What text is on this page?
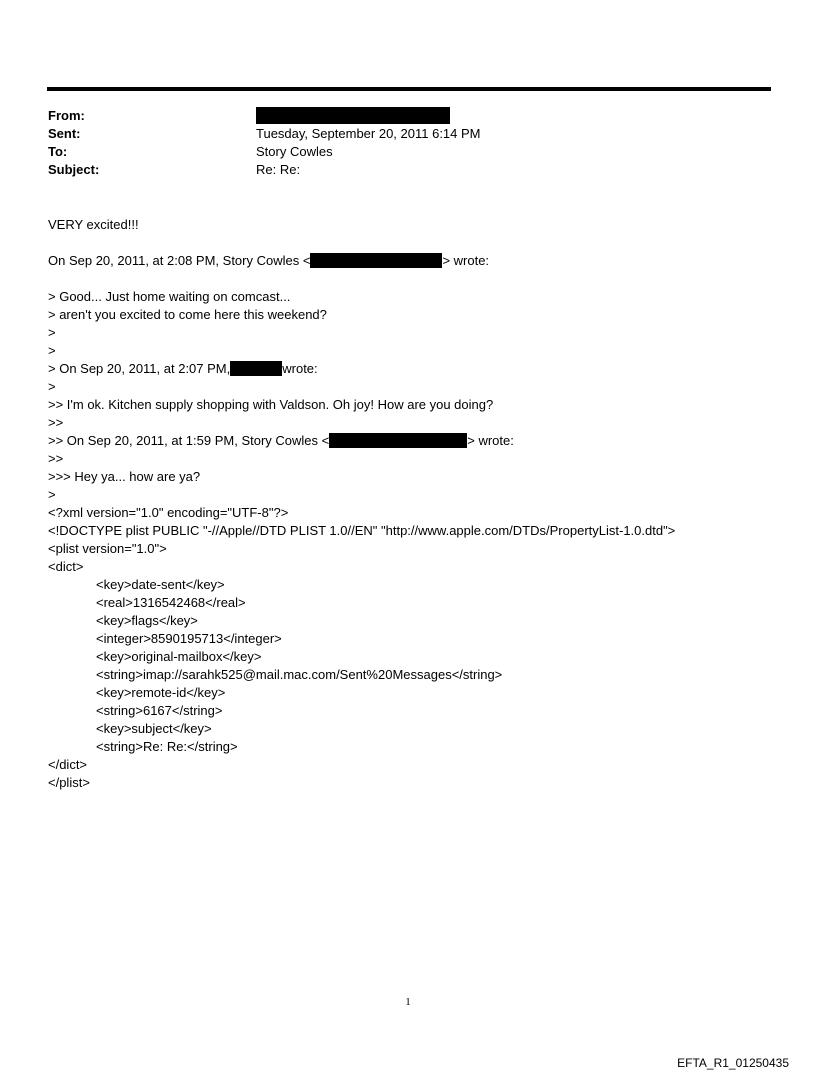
From:
Sent:	Tuesday, September 20, 2011 6:14 PM
To:	Story Cowles
Subject:	Re: Re:
VERY excited!!!
On Sep 20, 2011, at 2:08 PM, Story Cowles <	> wrote:
> Good... Just home waiting on comcast...
> aren't you excited to come here this weekend?
>
>
> On Sep 20, 2011, at 2:07 PM,	wrote:
>
>> I'm ok. Kitchen supply shopping with Valdson. Oh joy! How are you doing?
>>
>> On Sep 20, 2011, at 1:59 PM, Story Cowles <	> wrote:
>>
>>> Hey ya... how are ya?
>
<?xml version="1.0" encoding="UTF-8"?>
<!DOCTYPE plist PUBLIC "-//Apple//DTD PLIST 1.0//EN" "http://www.apple.com/DTDs/PropertyList-1.0.dtd">
<plist version="1.0">
<dict>
<key>date-sent</key>
<real>1316542468</real>
<key>flags</key>
<integer>8590195713</integer>
<key>original-mailbox</key>
<string>imap://sarahk525@mail.mac.com/Sent%20Messages</string>
<key>remote-id</key>
<string>6167</string>
<key>subject</key>
<string>Re: Re:</string>
</dict>
</plist>
1
EFTA_R1_01250435
